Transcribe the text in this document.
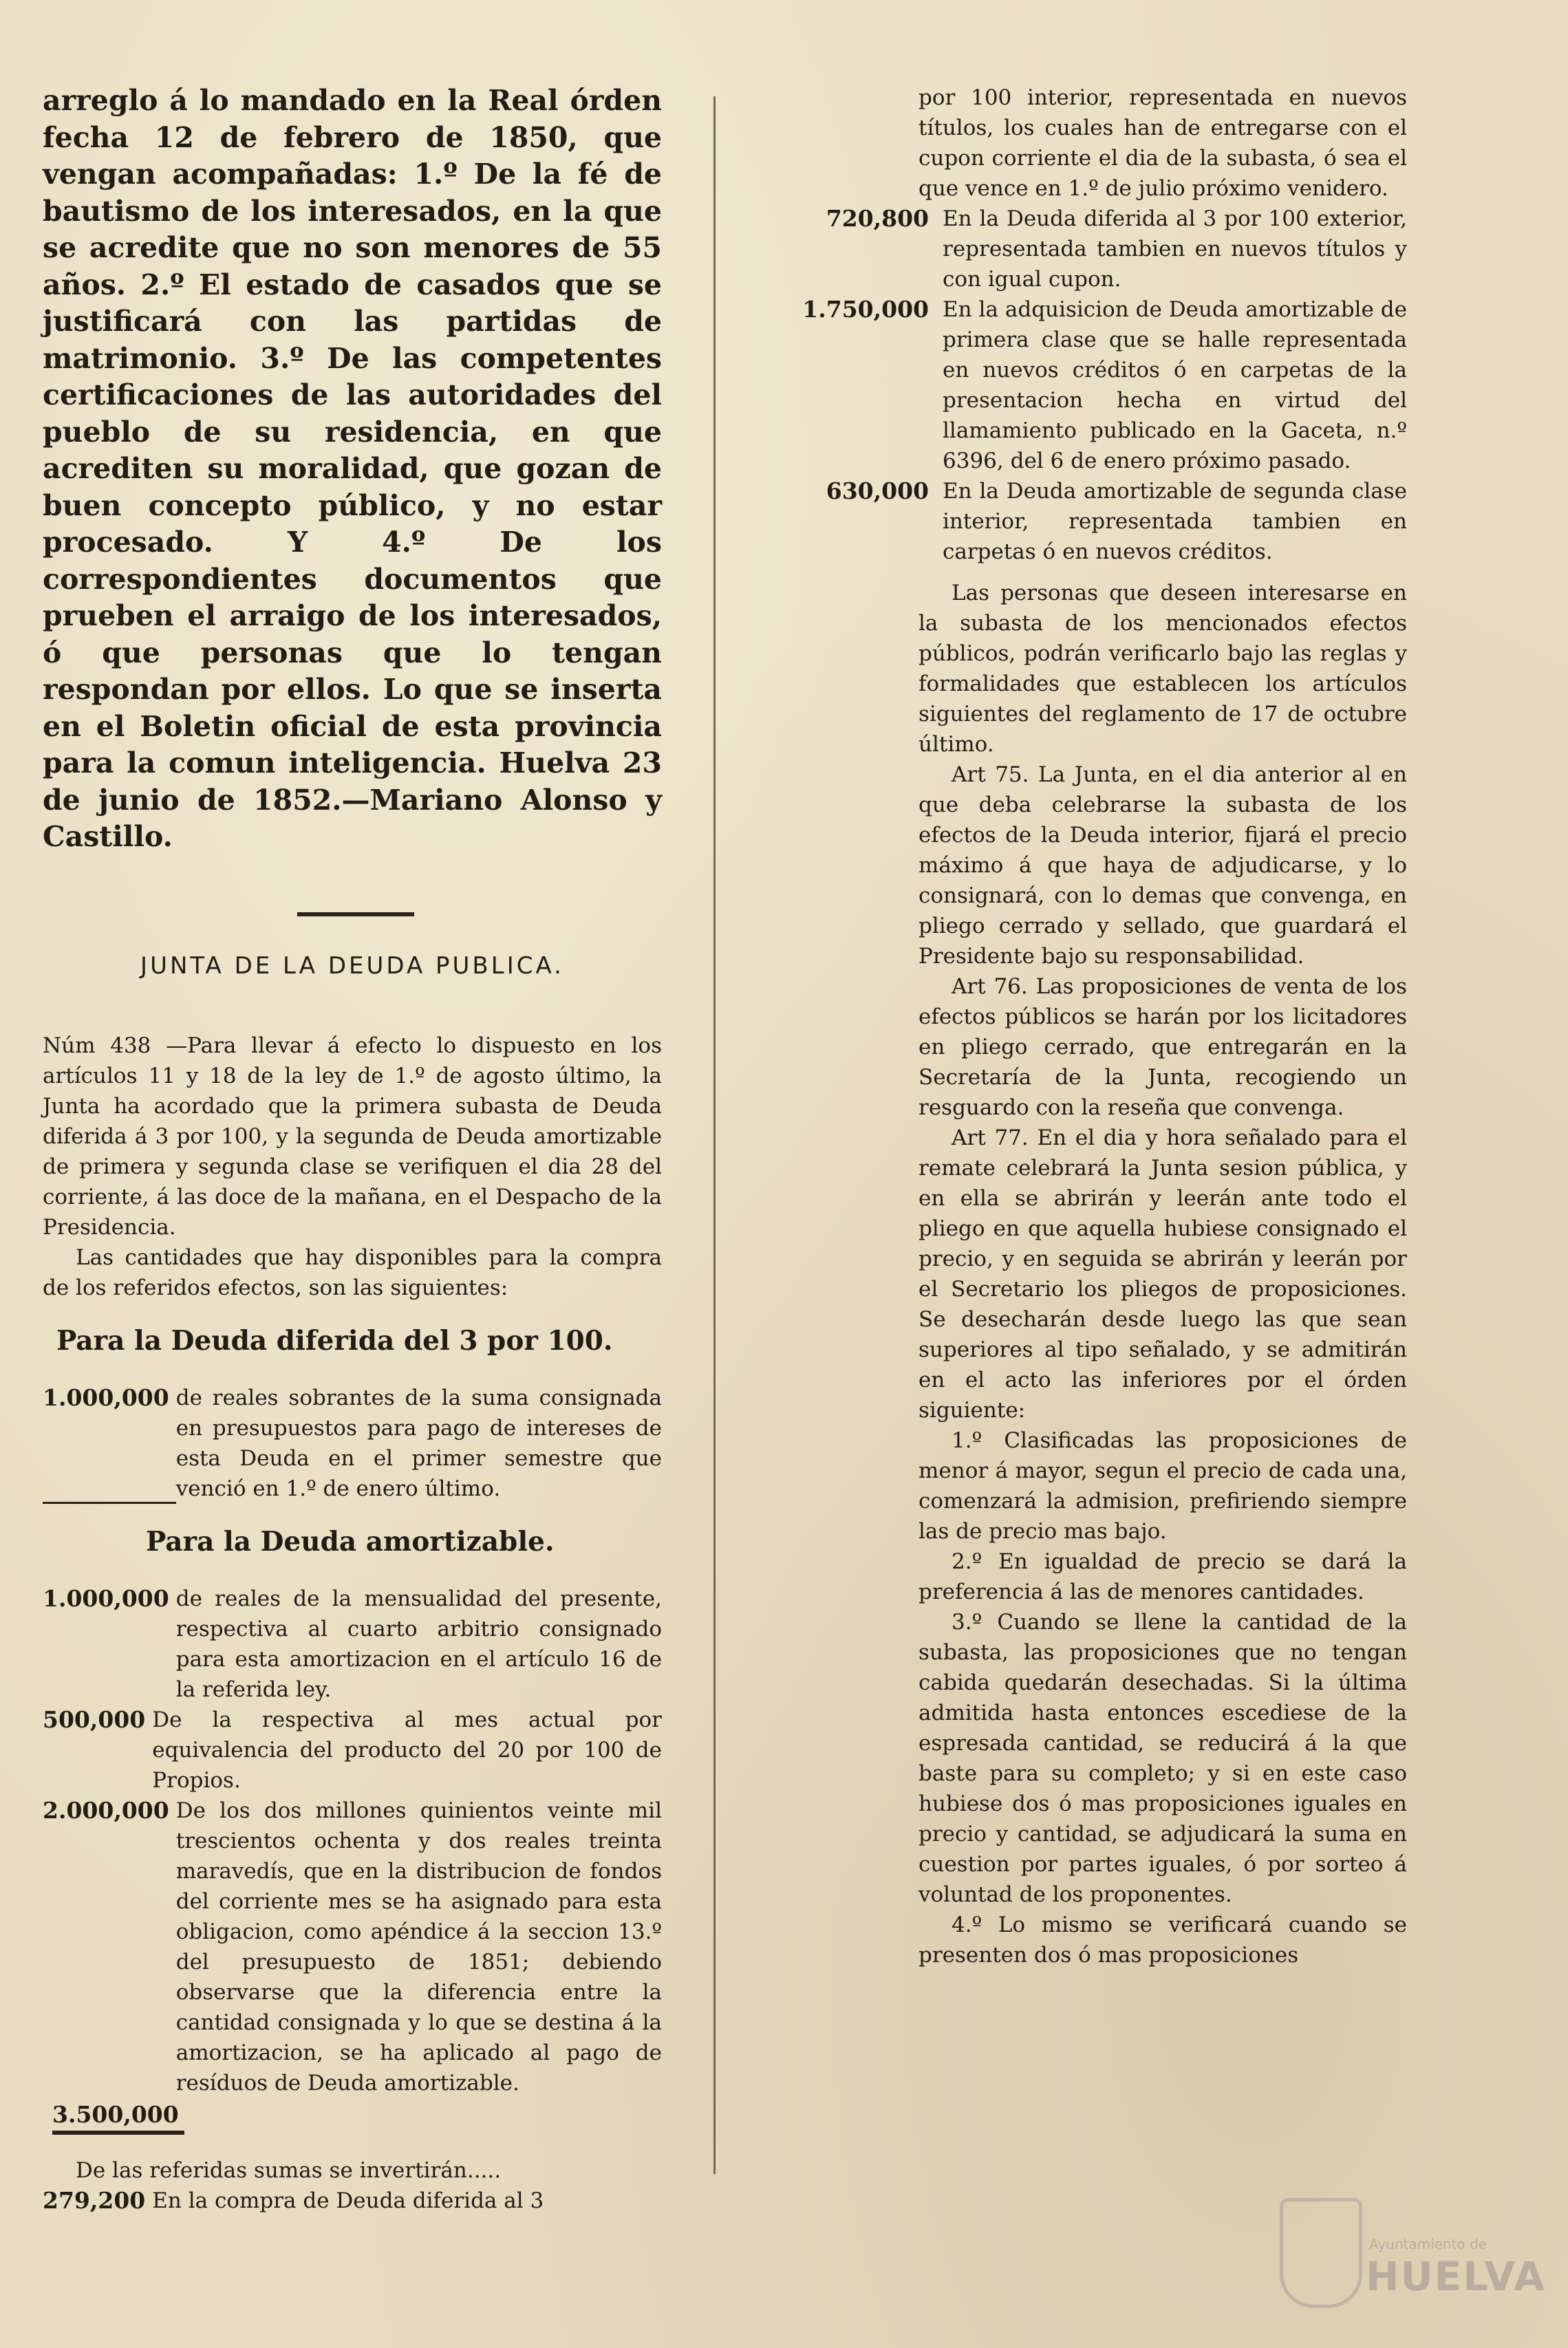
arreglo á lo mandado en la Real órden fecha 12 de febrero de 1850, que vengan acompañadas: 1.º De la fé de bautismo de los interesados, en la que se acredite que no son menores de 55 años. 2.º El estado de casados que se justificará con las partidas de matrimonio. 3.º De las competentes certificaciones de las autoridades del pueblo de su residencia, en que acrediten su moralidad, que gozan de buen concepto público, y no estar procesado. Y 4.º De los correspondientes documentos que prueben el arraigo de los interesados, ó que personas que lo tengan respondan por ellos. Lo que se inserta en el Boletin oficial de esta provincia para la comun inteligencia. Huelva 23 de junio de 1852.—Mariano Alonso y Castillo.

JUNTA DE LA DEUDA PUBLICA.

Núm 438 —Para llevar á efecto lo dispuesto en los artículos 11 y 18 de la ley de 1.º de agosto último, la Junta ha acordado que la primera subasta de Deuda diferida á 3 por 100, y la segunda de Deuda amortizable de primera y segunda clase se verifiquen el dia 28 del corriente, á las doce de la mañana, en el Despacho de la Presidencia.

Las cantidades que hay disponibles para la compra de los referidos efectos, son las siguientes:

Para la Deuda diferida del 3 por 100.
1.000,000 de reales sobrantes de la suma consignada en presupuestos para pago de intereses de esta Deuda en el primer semestre que venció en 1.º de enero último.
Para la Deuda amortizable.
1.000,000 de reales de la mensualidad del presente, respectiva al cuarto arbitrio consignado para esta amortizacion en el artículo 16 de la referida ley.
500,000 De la respectiva al mes actual por equivalencia del producto del 20 por 100 de Propios.
2.000,000 De los dos millones quinientos veinte mil trescientos ochenta y dos reales treinta maravedís, que en la distribucion de fondos del corriente mes se ha asignado para esta obligacion, como apéndice á la seccion 13.º del presupuesto de 1851; debiendo observarse que la diferencia entre la cantidad consignada y lo que se destina á la amortizacion, se ha aplicado al pago de resíduos de Deuda amortizable.
3.500,000

De las referidas sumas se invertirán.....

279,200 En la compra de Deuda diferida al 3

por 100 interior, representada en nuevos títulos, los cuales han de entregarse con el cupon corriente el dia de la subasta, ó sea el que vence en 1.º de julio próximo venidero.

720,800 En la Deuda diferida al 3 por 100 exterior, representada tambien en nuevos títulos y con igual cupon.
1.750,000 En la adquisicion de Deuda amortizable de primera clase que se halle representada en nuevos créditos ó en carpetas de la presentacion hecha en virtud del llamamiento publicado en la Gaceta, n.º 6396, del 6 de enero próximo pasado.
630,000 En la Deuda amortizable de segunda clase interior, representada tambien en carpetas ó en nuevos créditos.

Las personas que deseen interesarse en la subasta de los mencionados efectos públicos, podrán verificarlo bajo las reglas y formalidades que establecen los artículos siguientes del reglamento de 17 de octubre último.

Art 75. La Junta, en el dia anterior al en que deba celebrarse la subasta de los efectos de la Deuda interior, fijará el precio máximo á que haya de adjudicarse, y lo consignará, con lo demas que convenga, en pliego cerrado y sellado, que guardará el Presidente bajo su responsabilidad.

Art 76. Las proposiciones de venta de los efectos públicos se harán por los licitadores en pliego cerrado, que entregarán en la Secretaría de la Junta, recogiendo un resguardo con la reseña que convenga.

Art 77. En el dia y hora señalado para el remate celebrará la Junta sesion pública, y en ella se abrirán y leerán ante todo el pliego en que aquella hubiese consignado el precio, y en seguida se abrirán y leerán por el Secretario los pliegos de proposiciones. Se desecharán desde luego las que sean superiores al tipo señalado, y se admitirán en el acto las inferiores por el órden siguiente:

1.º Clasificadas las proposiciones de menor á mayor, segun el precio de cada una, comenzará la admision, prefiriendo siempre las de precio mas bajo.

2.º En igualdad de precio se dará la preferencia á las de menores cantidades.

3.º Cuando se llene la cantidad de la subasta, las proposiciones que no tengan cabida quedarán desechadas. Si la última admitida hasta entonces escediese de la espresada cantidad, se reducirá á la que baste para su completo; y si en este caso hubiese dos ó mas proposiciones iguales en precio y cantidad, se adjudicará la suma en cuestion por partes iguales, ó por sorteo á voluntad de los proponentes.

4.º Lo mismo se verificará cuando se presenten dos ó mas proposiciones

Ayuntamiento de
HUELVA
